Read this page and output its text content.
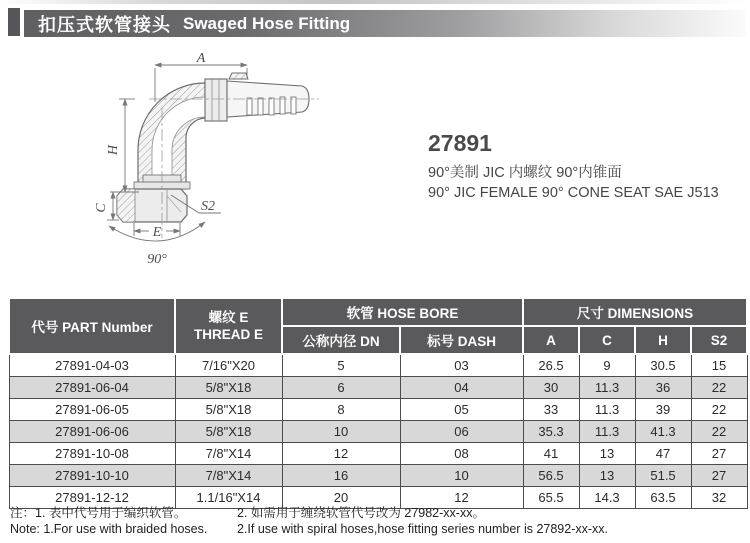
扣压式软管接头 Swaged Hose Fitting
A
H
C
E
S2
90°
27891
90°美制 JIC 内螺纹 90°内锥面
90° JIC FEMALE 90° CONE SEAT SAE J513
代号 PART Number	螺纹 E
THREAD E	软管 HOSE BORE		尺寸 DIMENSIONS			
		公称内径 DN	标号 DASH	A	C	H	S2
27891-04-03	7/16"X20	5	03	26.5	9	30.5	15
27891-06-04	5/8"X18	6	04	30	11.3	36	22
27891-06-05	5/8"X18	8	05	33	11.3	39	22
27891-06-06	5/8"X18	10	06	35.3	11.3	41.3	22
27891-10-08	7/8"X14	12	08	41	13	47	27
27891-10-10	7/8"X14	16	10	56.5	13	51.5	27
27891-12-12	1.1/16"X14	20	12	65.5	14.3	63.5	32
注：1. 表中代号用于编织软管。
Note: 1.For use with braided hoses.
2. 如需用于缠绕软管代号改为 27982-xx-xx。
2.If use with spiral hoses,hose fitting series number is 27892-xx-xx.
